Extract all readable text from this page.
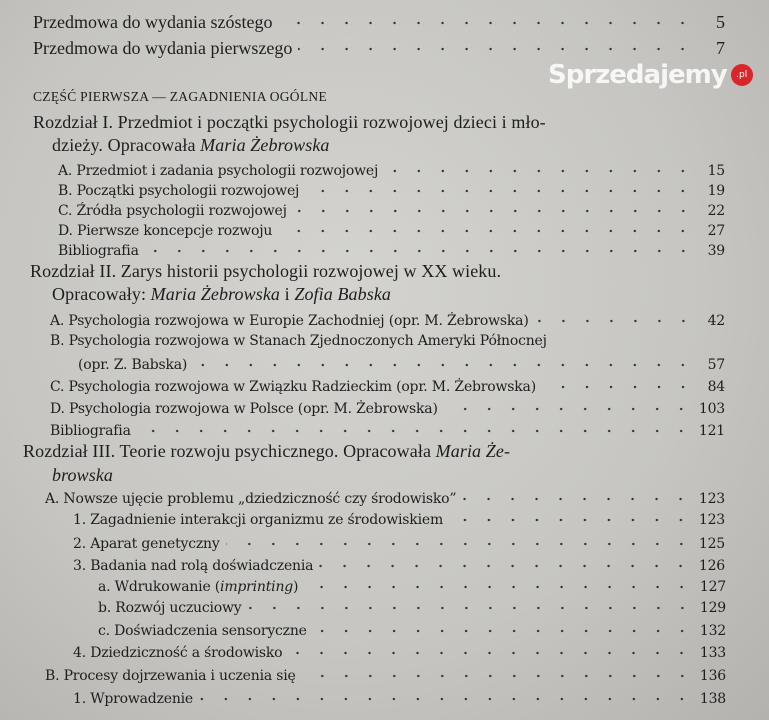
Przedmowa do wydania szóstego	5
Przedmowa do wydania pierwszego	7
CZĘŚĆ PIERWSZA — ZAGADNIENIA OGÓLNE
Rozdział I. Przedmiot i początki psychologii rozwojowej dzieci i mło-
dzieży. Opracowała
Maria Żebrowska
A. Przedmiot i zadania psychologii rozwojowej	15
B. Początki psychologii rozwojowej	19
C. Źródła psychologii rozwojowej	22
D. Pierwsze koncepcje rozwoju	27
Bibliografia	39
Rozdział II. Zarys historii psychologii rozwojowej w XX wieku.
Opracowały:
Maria Żebrowska i Zofia Babska
A. Psychologia rozwojowa w Europie Zachodniej (opr. M. Żebrowska)	42
B. Psychologia rozwojowa w Stanach Zjednoczonych Ameryki Północnej
(opr. Z. Babska)	57
C. Psychologia rozwojowa w Związku Radzieckim (opr. M. Żebrowska)	84
D. Psychologia rozwojowa w Polsce (opr. M. Żebrowska)	103
Bibliografia	121
Rozdział III. Teorie rozwoju psychicznego. Opracowała Maria Że-
browska
A. Nowsze ujęcie problemu „dziedziczność czy środowisko”	123
1. Zagadnienie interakcji organizmu ze środowiskiem	123
2. Aparat genetyczny	125
3. Badania nad rolą doświadczenia	126
a. Wdrukowanie (imprinting)	127
b. Rozwój uczuciowy	129
c. Doświadczenia sensoryczne	132
4. Dziedziczność a środowisko	133
B. Procesy dojrzewania i uczenia się	136
1. Wprowadzenie	138
Sprzedajemy	.pl
